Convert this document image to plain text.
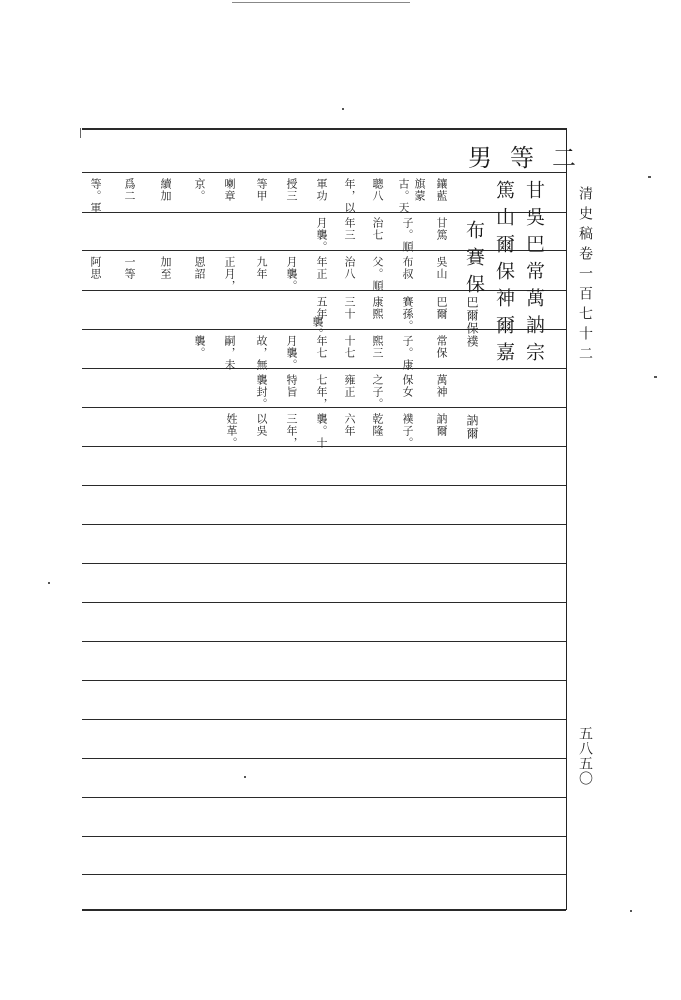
清史稿卷一百七十二
五八五〇
二等男
甘吳巴常萬訥宗
篤山爾保神爾嘉
布賽保
巴爾保襆
訥爾
鑲藍
旗蒙
古。天
聰八
年，以
軍功
授三
等甲
喇章
京。
續加
爲二
等。軍
甘篤
子。順
治七
年三
月襲。
吳山
布叔
父。順
治八
年正
月襲。
九年
正月，
恩詔
加至
一等
阿思
巴爾
賽孫。
康熙
三十
五年
襲。
常保
子。康
熙三
十七
年七
月襲。
故，無
嗣，未
襲。
萬神
保女
之子。
雍正
七年，
特旨
襲封。
訥爾
襆子。
乾隆
六年
襲。十
三年，
以吳
姓革。
